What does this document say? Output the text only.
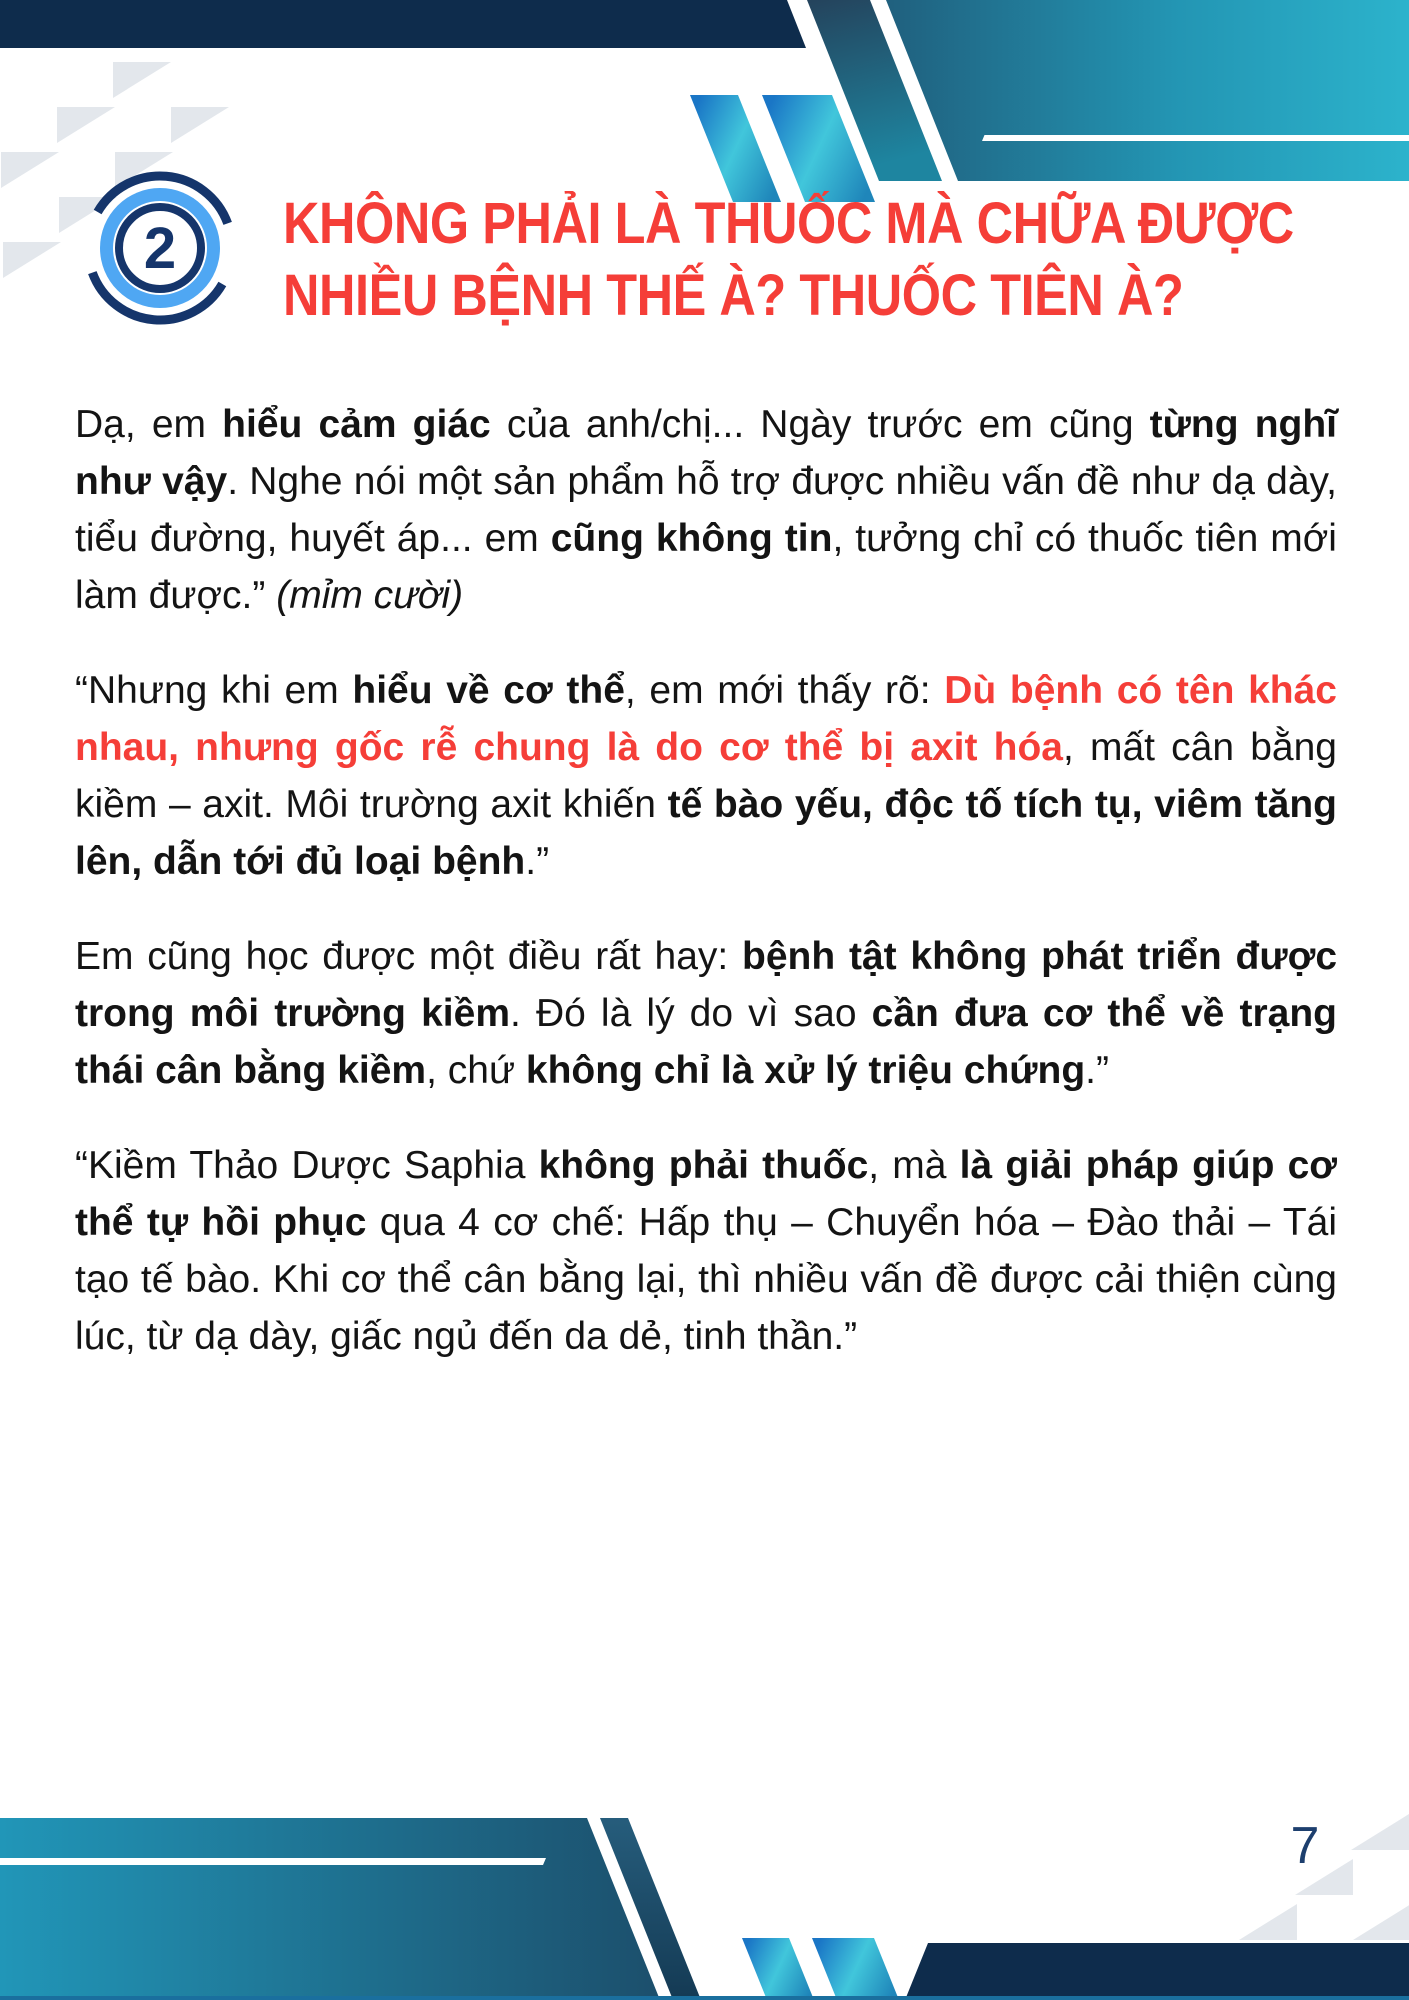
2	KHÔNG PHẢI LÀ THUỐC MÀ CHỮA ĐƯỢC
NHIỀU BỆNH THẾ À? THUỐC TIÊN À?

Dạ, em hiểu cảm giác của anh/chị... Ngày trước em cũng từng nghĩ như vậy. Nghe nói một sản phẩm hỗ trợ được nhiều vấn đề như dạ dày, tiểu đường, huyết áp... em cũng không tin, tưởng chỉ có thuốc tiên mới làm được.” (mỉm cười)

“Nhưng khi em hiểu về cơ thể, em mới thấy rõ: Dù bệnh có tên khác nhau, nhưng gốc rễ chung là do cơ thể bị axit hóa, mất cân bằng kiềm – axit. Môi trường axit khiến tế bào yếu, độc tố tích tụ, viêm tăng lên, dẫn tới đủ loại bệnh.”

Em cũng học được một điều rất hay: bệnh tật không phát triển được trong môi trường kiềm. Đó là lý do vì sao cần đưa cơ thể về trạng thái cân bằng kiềm, chứ không chỉ là xử lý triệu chứng.”

“Kiềm Thảo Dược Saphia không phải thuốc, mà là giải pháp giúp cơ thể tự hồi phục qua 4 cơ chế: Hấp thụ – Chuyển hóa – Đào thải – Tái tạo tế bào. Khi cơ thể cân bằng lại, thì nhiều vấn đề được cải thiện cùng lúc, từ dạ dày, giấc ngủ đến da dẻ, tinh thần.”

7
